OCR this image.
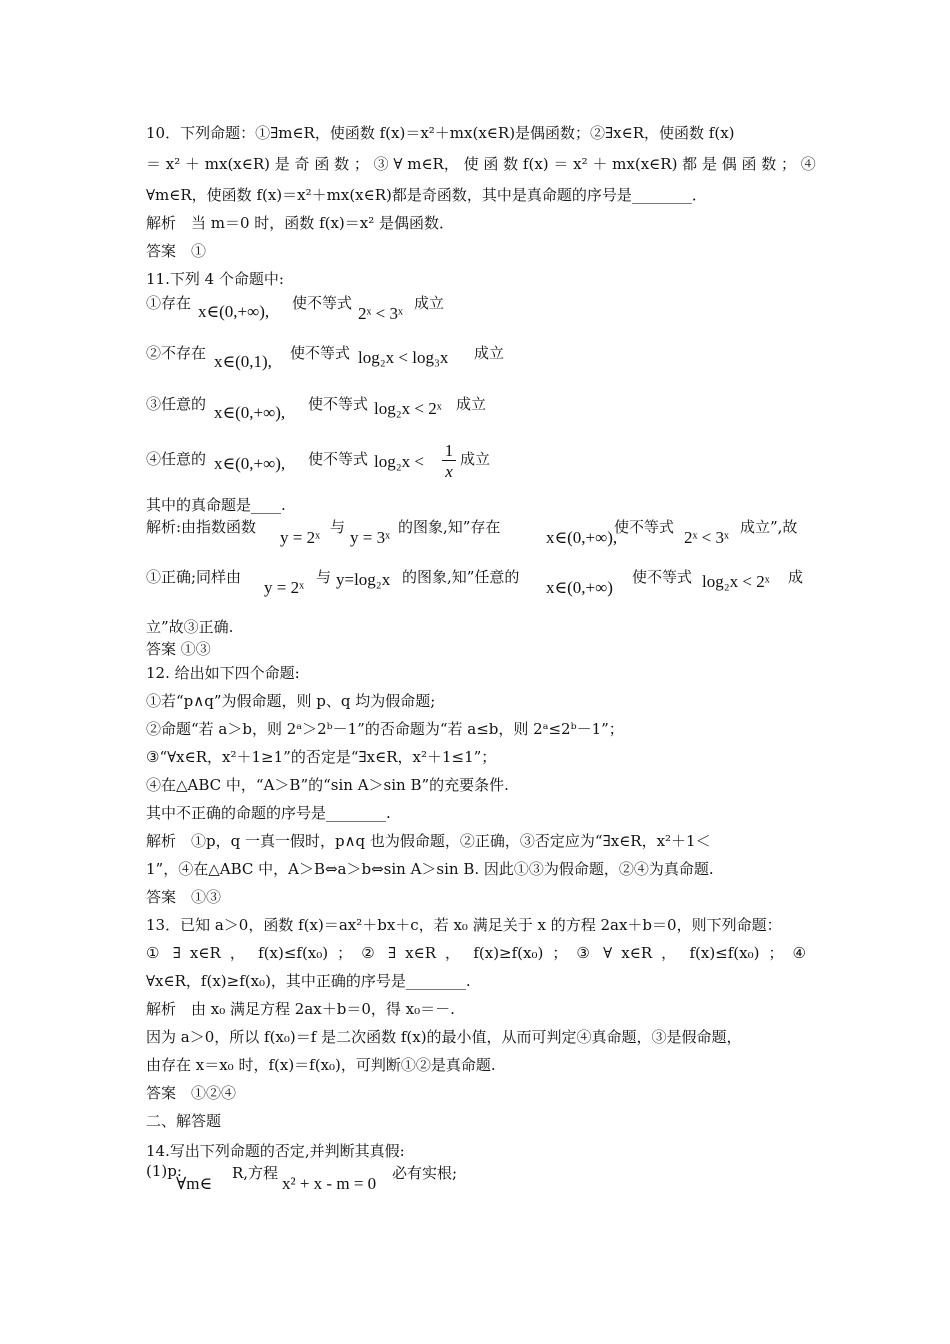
10．下列命题：①∃m∈R，使函数 f(x)＝x²＋mx(x∈R)是偶函数；②∃x∈R，使函数 f(x)
＝ x² ＋ mx(x∈R) 是 奇 函 数 ； ③ ∀ m∈R， 使 函 数 f(x) ＝ x² ＋ mx(x∈R) 都 是 偶 函 数 ； ④
∀m∈R，使函数 f(x)＝x²＋mx(x∈R)都是奇函数，其中是真命题的序号是________．
解析　当 m＝0 时，函数 f(x)＝x² 是偶函数．
答案　①
11.下列 4 个命题中:
①存在 x∈(0,+∞), 使不等式
2ˣ < 3ˣ
成立
②不存在 x∈(0,1), 使不等式 log₂x < log₃x 成立
③任意的 x∈(0,+∞), 使不等式 log₂x < 2ˣ 成立
④任意的 x∈(0,+∞), 使不等式 log₂x <
1
x
成立
其中的真命题是____.
解析:由指数函数
y = 2ˣ
与
y = 3ˣ
的图象,知”存在
x∈(0,+∞),
使不等式
2ˣ < 3ˣ
成立”,故
①正确;同样由
y = 2ˣ
与 y=log₂x 的图象,知”任意的
x∈(0,+∞)
使不等式 log₂x < 2ˣ 成
立”故③正确.
答案 ①③
12. 给出如下四个命题:
①若“p∧q”为假命题，则 p、q 均为假命题;
②命题“若 a＞b，则 2ᵃ＞2ᵇ－1”的否命题为“若 a≤b，则 2ᵃ≤2ᵇ－1”；
③“∀x∈R，x²＋1≥1”的否定是“∃x∈R，x²＋1≤1”；
④在△ABC 中，“A＞B”的“sin A＞sin B”的充要条件.
其中不正确的命题的序号是________.
解析　①p，q 一真一假时，p∧q 也为假命题，②正确，③否定应为“∃x∈R，x²＋1＜
1”，④在△ABC 中，A＞B⇔a＞b⇔sin A＞sin B. 因此①③为假命题，②④为真命题.
答案　①③
13．已知 a＞0，函数 f(x)＝ax²＋bx＋c，若 x₀ 满足关于 x 的方程 2ax＋b＝0，则下列命题：
① ∃ x∈R ， f(x)≤f(x₀) ； ② ∃ x∈R ， f(x)≥f(x₀) ； ③ ∀ x∈R ， f(x)≤f(x₀) ； ④
∀x∈R，f(x)≥f(x₀)，其中正确的序号是________.
解析　由 x₀ 满足方程 2ax＋b＝0，得 x₀＝－.
因为 a＞0，所以 f(x₀)＝f 是二次函数 f(x)的最小值，从而可判定④真命题，③是假命题，
由存在 x＝x₀ 时，f(x)＝f(x₀)，可判断①②是真命题.
答案　①②④
二、解答题
14.写出下列命题的否定,并判断其真假:
(1)p:
∀m∈
R,方程
x² + x - m = 0
必有实根;
